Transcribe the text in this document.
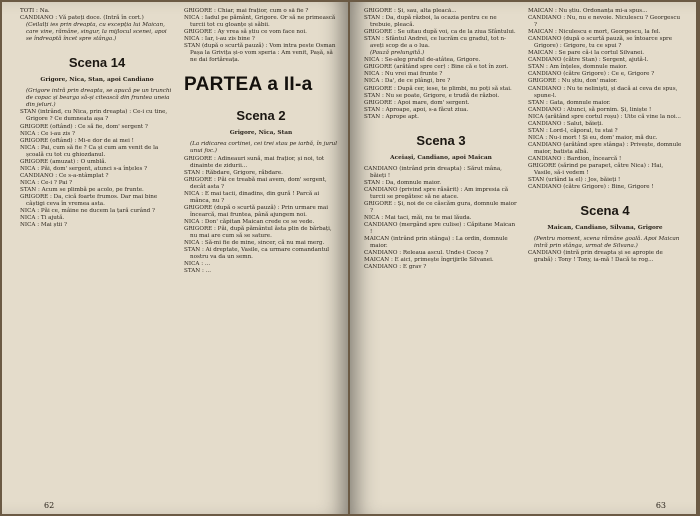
TOTI : Na.

CANDIANO : Vă pateți doce. (Intră în cort.)

(Ceilalți ies prin dreapta, cu excepția lui Maican, care vine, rămâne, singur, la mijlocul scenei, apoi se îndreaptă încet spre stânga.)

Scena 14
Grigore, Nica, Stan, apoi Candiano

(Grigore intră prin dreapta, se apucă pe un trunchi de copac și bearga să-și citească din fruntea uneia din jeluri.)

STAN (intrând, cu Nica, prin dreapta) : Ce-i cu tine, Grigore ? Ce dumneata așa ?

GRIGORE (oftând) : Ce să fie, dom' sergent ?

NICA : Ce i-au zis ?

GRIGORE (oftând) : Mi-e dor de ai mei !

NICA : Pai, cum să fie ? Ca și cum am venit de la școală cu tot cu ghiozdanul.

GRIGORE (amuzat) : O umblă.

NICA : Păi, dom' sergent, atunci s-a înțeles ?

CANDIANO : Ce s-a-ntâmplat ?

NICA : Ce-i ? Pai ?

STAN : Acum se plimbă pe acolo, pe frunte.

GRIGORE : Da, cică foarte frumos. Dar mai bine câștigi ceva în vremea asta.

NICA : Păi ce, mâine ne ducem la țară curând ?

NICA : Ti ajută.

NICA : Mai știi ?

GRIGORE : Chiar, mai frațior, cum o să fie ?

NICA : Iadul pe pământ, Grigore. Or să ne primească turcii tot cu gloanțe și săbii.

GRIGORE : Ay vrea să știu ce vom face noi.

NICA : Iar, i-au zis bine ?

STAN (după o scurtă pauză) : Vom intra peste Osman Pașa la Grivița și-o vom speria : Am venit, Pașă, să ne dai fortăreața.

PARTEA a II-a
Scena 2
Grigore, Nica, Stan

(La ridicarea cortinei, cei trei stau pe iarbă, în jurul unui foc.)

GRIGORE : Adineauri sună, mai frațior, și noi, tot dinainte de zidurii...

STAN : Răbdare, Grigore, răbdare.

GRIGORE : Păi ce treabă mai avem, dom' sergent, decât asta ?

NICA : E mai tacii, dinadins, din gură ! Parcă ai mânca, nu ?

GRIGORE (după o scurtă pauză) : Prin urmare mai încearcă, mai fruntea, până ajungem noi.

NICA : Don' căpitan Maican crede ce se vede.

GRIGORE : Păi, după pământul ăsta plin de bărbați, nu mai are cum să se sature.

NICA : Să-mi fie de mine, sincer, că nu mai merg.

STAN : Ai dreptate, Vasile, ca urmare comandantul nostru va da un semn.

NICA : ...

STAN : ...

62

GRIGORE : Și, sau, alta pleacă...

STAN : Da, după război, la ocazia pentru ce ne trebuie, pleacă.

GRIGORE : Se uitau după voi, ca de la ziua Sfântului.

STAN : Sfântul Andrei, ce lucrăm cu gradul, tot n-aveți scop de a o lua.

(Pauză prelungită.)

NICA : Se-aleg praful de-atâtea, Grigore.

GRIGORE (arătând spre cer) : Bine că e tot în zori.

NICA : Nu vrei mai frunte ?

NICA : Da', de ce plângi, bre ?

GRIGORE : După cer, iese, te plimbi, nu poți să stai.

STAN : Nu se poate, Grigore, e trudă de război.

GRIGORE : Apoi mare, dom' sergent.

STAN : Aproape, apoi, s-a făcut ziua.

STAN : Aprope apt.

Scena 3
Aceiași, Candiano, apoi Maican

CANDIANO (intrând prin dreapta) : Sărut mâna, băieți !

STAN : Da, domnule maior.

CANDIANO (privind spre răsărit) : Am impresia că turcii se pregătesc să ne atace.

GRIGORE : Și, noi de ce căscăm gura, domnule maior ?

NICA : Mai taci, măi, nu te mai lăuda.

CANDIANO (mergând spre culise) : Căpitane Maican !

MAICAN (intrând prin stânga) : La ordin, domnule maior.

CANDIANO : Releaua ascul. Unde-i Cocoș ?

MAICAN : E aici, primește îngrijirile Silvanei.

CANDIANO : E grav ?

MAICAN : Nu știu. Ordonanța mi-a spus...

CANDIANO : Nu, nu e nevoie. Niculescu ? Georgescu ?

MAICAN : Niculescu e mort, Georgescu, la fel.

CANDIANO (după o scurtă pauză, se întoarce spre Grigore) : Grigore, tu ce spui ?

MAICAN : Se pare că-i la cortul Silvanei.

CANDIANO (către Stan) : Sergent, ajută-l.

STAN : Am înțeles, domnule maior.

CANDIANO (către Grigore) : Ce e, Grigore ?

GRIGORE : Nu știu, don' maior.

CANDIANO : Nu te neliniști, și dacă ai ceva de spus, spune-l.

STAN : Gata, domnule maior.

CANDIANO : Atunci, să pornim. Și, liniște !

NICA (arătând spre cortul roșu) : Uite că vine la noi...

CANDIANO : Salut, băieți.

STAN : Lord-l, căporal, tu stai ?

NICA : Nu-i mort ! Și eu, dom' maior, mă duc.

CANDIANO (arătând spre stânga) : Privește, domnule maior, batista albă.

CANDIANO : Bardion, încearcă !

GRIGORE (sărind pe parapet, către Nica) : Hai, Vasile, să-i vedem !

STAN (urlând la el) : Jos, băieți !

CANDIANO (către Grigore) : Bine, Grigore !

Scena 4
Maican, Candiano, Silvana, Grigore

(Pentru moment, scena rămâne goală. Apoi Maican intră prin stânga, urmat de Silvana.)

CANDIANO (intră prin dreapta și se apropie de grabă) : Tony ! Tony, ia-mă ! Dacă te rog...

63
